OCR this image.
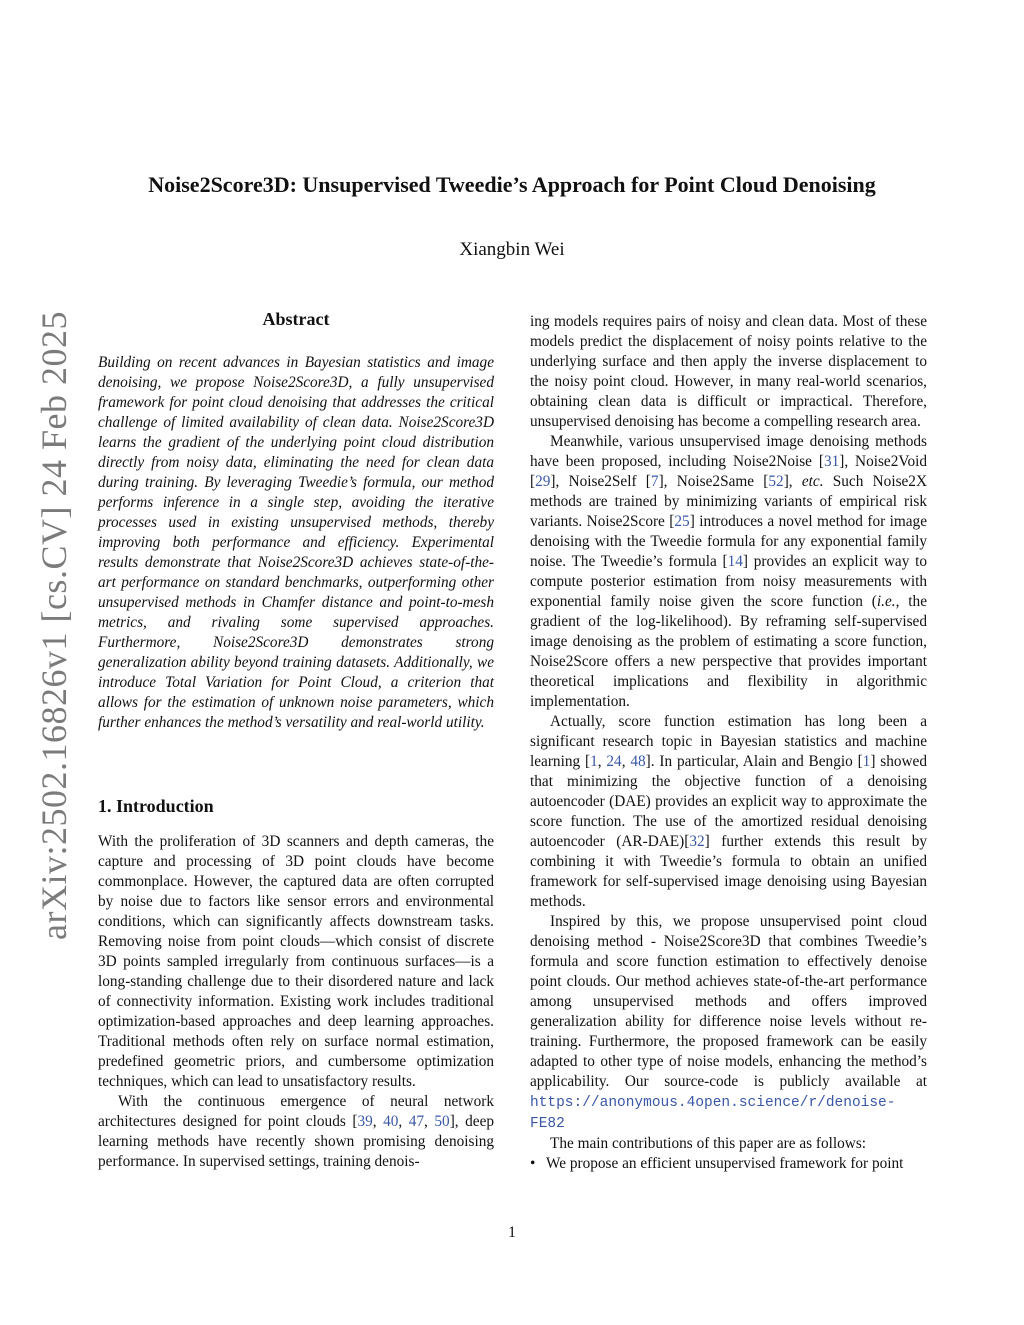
arXiv:2502.16826v1 [cs.CV] 24 Feb 2025
Noise2Score3D: Unsupervised Tweedie’s Approach for Point Cloud Denoising
Xiangbin Wei
Abstract

Building on recent advances in Bayesian statistics and image denoising, we propose Noise2Score3D, a fully unsupervised framework for point cloud denoising that addresses the critical challenge of limited availability of clean data. Noise2Score3D learns the gradient of the underlying point cloud distribution directly from noisy data, eliminating the need for clean data during training. By leveraging Tweedie’s formula, our method performs inference in a single step, avoiding the iterative processes used in existing unsupervised methods, thereby improving both performance and efficiency. Experimental results demonstrate that Noise2Score3D achieves state-of-the-art performance on standard benchmarks, outperforming other unsupervised methods in Chamfer distance and point-to-mesh metrics, and rivaling some supervised approaches. Furthermore, Noise2Score3D demonstrates strong generalization ability beyond training datasets. Additionally, we introduce Total Variation for Point Cloud, a criterion that allows for the estimation of unknown noise parameters, which further enhances the method’s versatility and real-world utility.

1. Introduction

With the proliferation of 3D scanners and depth cameras, the capture and processing of 3D point clouds have become commonplace. However, the captured data are often corrupted by noise due to factors like sensor errors and environmental conditions, which can significantly affects downstream tasks. Removing noise from point clouds—which consist of discrete 3D points sampled irregularly from continuous surfaces—is a long-standing challenge due to their disordered nature and lack of connectivity information. Existing work includes traditional optimization-based approaches and deep learning approaches. Traditional methods often rely on surface normal estimation, predefined geometric priors, and cumbersome optimization techniques, which can lead to unsatisfactory results.

With the continuous emergence of neural network architectures designed for point clouds [39, 40, 47, 50], deep learning methods have recently shown promising denoising performance. In supervised settings, training denois-

ing models requires pairs of noisy and clean data. Most of these models predict the displacement of noisy points relative to the underlying surface and then apply the inverse displacement to the noisy point cloud. However, in many real-world scenarios, obtaining clean data is difficult or impractical. Therefore, unsupervised denoising has become a compelling research area.

Meanwhile, various unsupervised image denoising methods have been proposed, including Noise2Noise [31], Noise2Void [29], Noise2Self [7], Noise2Same [52], etc. Such Noise2X methods are trained by minimizing variants of empirical risk variants. Noise2Score [25] introduces a novel method for image denoising with the Tweedie formula for any exponential family noise. The Tweedie’s formula [14] provides an explicit way to compute posterior estimation from noisy measurements with exponential family noise given the score function (i.e., the gradient of the log-likelihood). By reframing self-supervised image denoising as the problem of estimating a score function, Noise2Score offers a new perspective that provides important theoretical implications and flexibility in algorithmic implementation.

Actually, score function estimation has long been a significant research topic in Bayesian statistics and machine learning [1, 24, 48]. In particular, Alain and Bengio [1] showed that minimizing the objective function of a denoising autoencoder (DAE) provides an explicit way to approximate the score function. The use of the amortized residual denoising autoencoder (AR-DAE)[32] further extends this result by combining it with Tweedie’s formula to obtain an unified framework for self-supervised image denoising using Bayesian methods.

Inspired by this, we propose unsupervised point cloud denoising method - Noise2Score3D that combines Tweedie’s formula and score function estimation to effectively denoise point clouds. Our method achieves state-of-the-art performance among unsupervised methods and offers improved generalization ability for difference noise levels without re-training. Furthermore, the proposed framework can be easily adapted to other type of noise models, enhancing the method’s applicability. Our source-code is publicly available at https://anonymous.4open.science/r/denoise-FE82

The main contributions of this paper are as follows:

• We propose an efficient unsupervised framework for point
1
